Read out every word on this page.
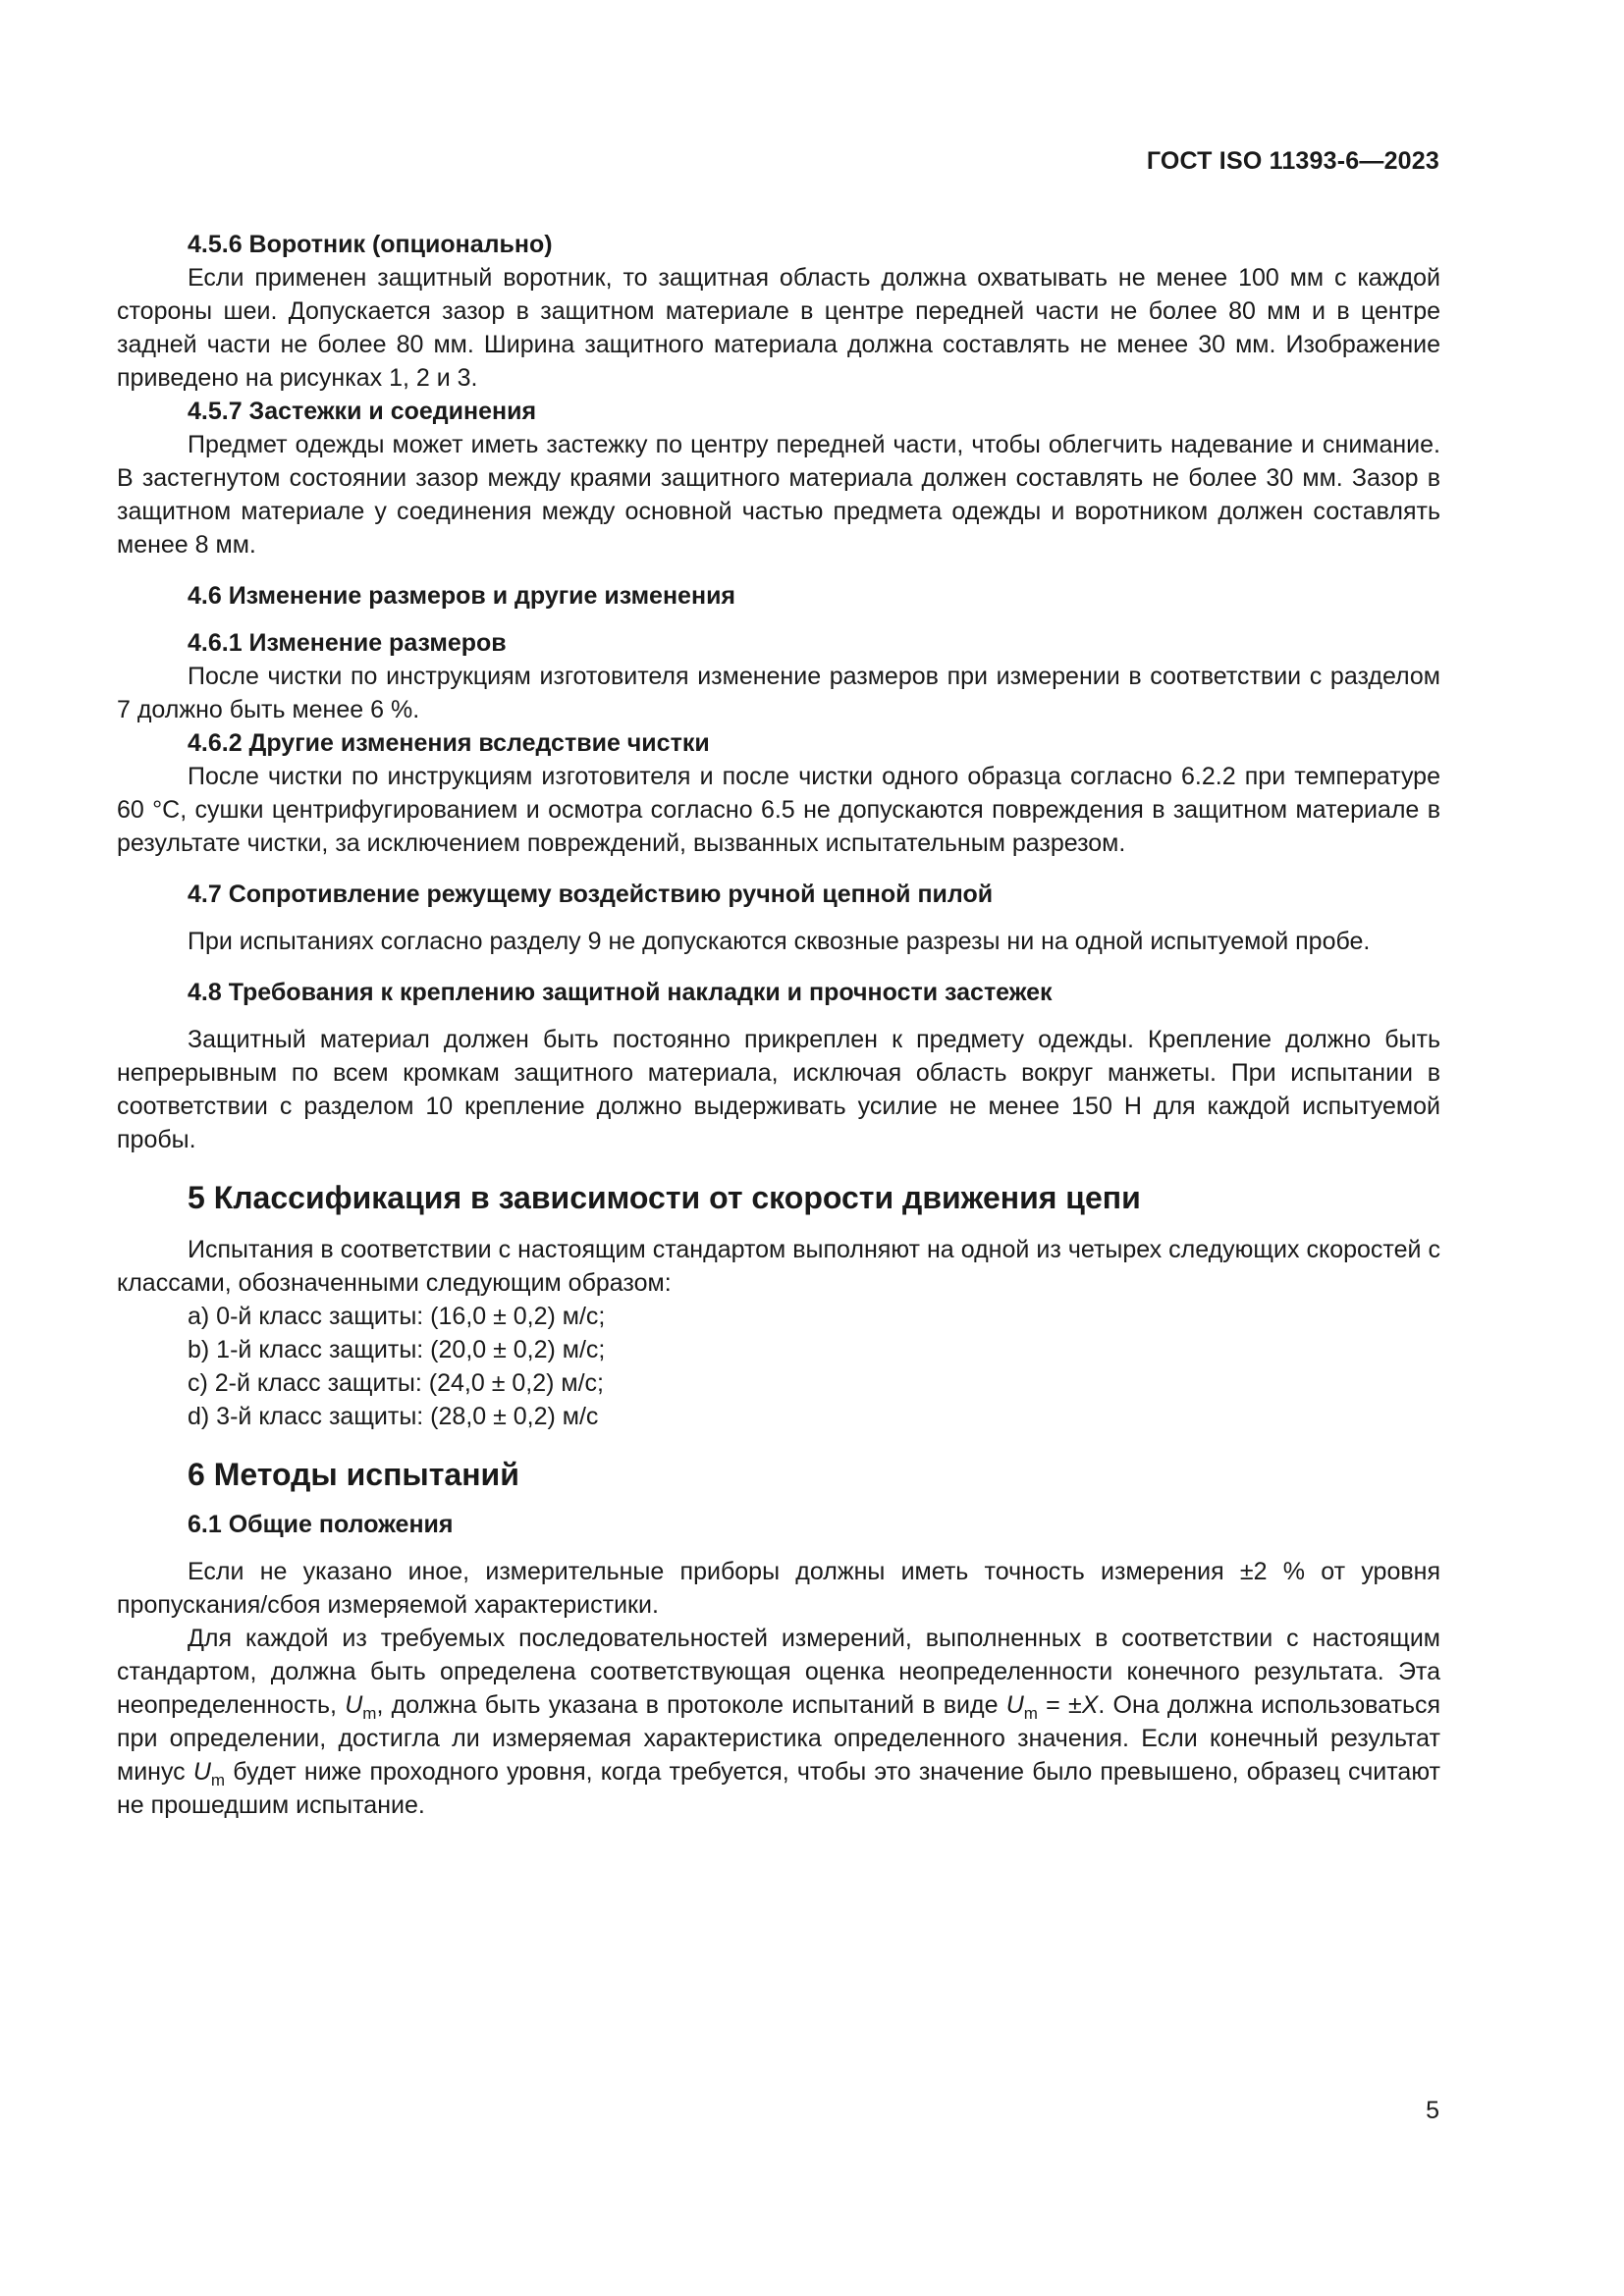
ГОСТ ISO 11393-6—2023

4.5.6 Воротник (опционально)

Если применен защитный воротник, то защитная область должна охватывать не менее 100 мм с каждой стороны шеи. Допускается зазор в защитном материале в центре передней части не более 80 мм и в центре задней части не более 80 мм. Ширина защитного материала должна составлять не менее 30 мм. Изображение приведено на рисунках 1, 2 и 3.

4.5.7 Застежки и соединения

Предмет одежды может иметь застежку по центру передней части, чтобы облегчить надевание и снимание. В застегнутом состоянии зазор между краями защитного материала должен составлять не более 30 мм. Зазор в защитном материале у соединения между основной частью предмета одежды и воротником должен составлять менее 8 мм.

4.6 Изменение размеров и другие изменения

4.6.1 Изменение размеров

После чистки по инструкциям изготовителя изменение размеров при измерении в соответствии с разделом 7 должно быть менее 6 %.

4.6.2 Другие изменения вследствие чистки

После чистки по инструкциям изготовителя и после чистки одного образца согласно 6.2.2 при температуре 60 °С, сушки центрифугированием и осмотра согласно 6.5 не допускаются повреждения в защитном материале в результате чистки, за исключением повреждений, вызванных испытательным разрезом.

4.7 Сопротивление режущему воздействию ручной цепной пилой

При испытаниях согласно разделу 9 не допускаются сквозные разрезы ни на одной испытуемой пробе.

4.8 Требования к креплению защитной накладки и прочности застежек

Защитный материал должен быть постоянно прикреплен к предмету одежды. Крепление должно быть непрерывным по всем кромкам защитного материала, исключая область вокруг манжеты. При испытании в соответствии с разделом 10 крепление должно выдерживать усилие не менее 150 Н для каждой испытуемой пробы.

5 Классификация в зависимости от скорости движения цепи

Испытания в соответствии с настоящим стандартом выполняют на одной из четырех следующих скоростей с классами, обозначенными следующим образом:

a) 0-й класс защиты: (16,0 ± 0,2) м/с;
b) 1-й класс защиты: (20,0 ± 0,2) м/с;
c) 2-й класс защиты: (24,0 ± 0,2) м/с;
d) 3-й класс защиты: (28,0 ± 0,2) м/с

6 Методы испытаний

6.1 Общие положения

Если не указано иное, измерительные приборы должны иметь точность измерения ±2 % от уровня пропускания/сбоя измеряемой характеристики.

Для каждой из требуемых последовательностей измерений, выполненных в соответствии с настоящим стандартом, должна быть определена соответствующая оценка неопределенности конечного результата. Эта неопределенность, $U_m$, должна быть указана в протоколе испытаний в виде $U_m = \pm X$. Она должна использоваться при определении, достигла ли измеряемая характеристика определенного значения. Если конечный результат минус $U_m$ будет ниже проходного уровня, когда требуется, чтобы это значение было превышено, образец считают не прошедшим испытание.

5
